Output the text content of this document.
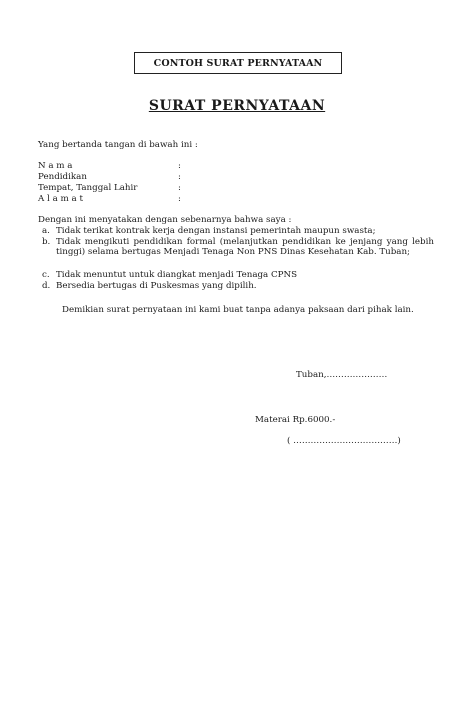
CONTOH SURAT PERNYATAAN
SURAT PERNYATAAN
Yang bertanda tangan di bawah ini :
N a m a	:
Pendidikan	:
Tempat, Tanggal Lahir	:
A l a m a t	:
Dengan ini menyatakan dengan sebenarnya bahwa saya :
a. Tidak terikat kontrak kerja dengan instansi pemerintah maupun swasta;
b. Tidak mengikuti pendidikan formal (melanjutkan pendidikan ke jenjang yang lebih tinggi) selama bertugas Menjadi Tenaga Non PNS Dinas Kesehatan Kab. Tuban;
c. Tidak menuntut untuk diangkat menjadi Tenaga CPNS
d. Bersedia bertugas di Puskesmas yang dipilih.
Demikian surat pernyataan ini kami buat tanpa adanya paksaan dari pihak lain.
Tuban,…………………
Materai Rp.6000.-
( ………………………………)
